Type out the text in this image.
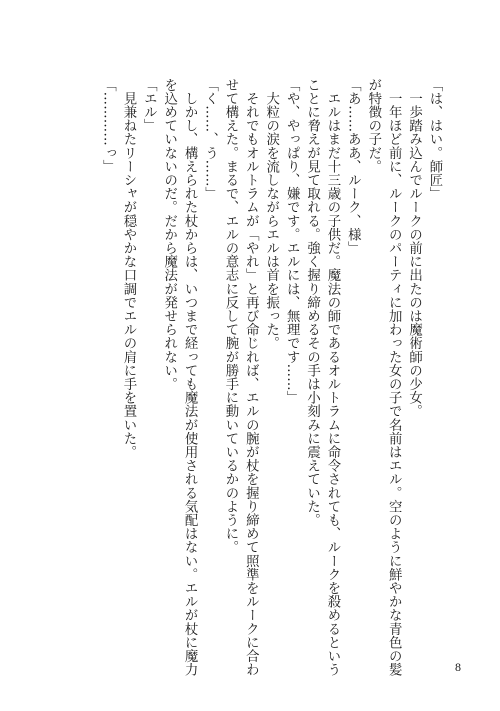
「は、はい。師匠」
　一歩踏み込んでルークの前に出たのは魔術師の少女。
　一年ほど前に、ルークのパーティに加わった女の子で名前はエル。空のように鮮やかな青色の髪
が特徴の子だ。
「あ……ああ、ルーク、様」
　エルはまだ十三歳の子供だ。魔法の師であるオルトラムに命令されても、ルークを殺めるという
ことに脅えが見て取れる。強く握り締めるその手は小刻みに震えていた。
「や、やっぱり、嫌です。エルには、無理です……」
　大粒の涙を流しながらエルは首を振った。
　それでもオルトラムが「やれ」と再び命じれば、エルの腕が杖を握り締めて照準をルークに合わ
せて構えた。まるで、エルの意志に反して腕が勝手に動いているかのように。
「く……、う……」
　しかし、構えられた杖からは、いつまで経っても魔法が使用される気配はない。エルが杖に魔力
を込めていないのだ。だから魔法が発せられない。
「エル」
　見兼ねたリーシャが穏やかな口調でエルの肩に手を置いた。
「…………っ」
8
